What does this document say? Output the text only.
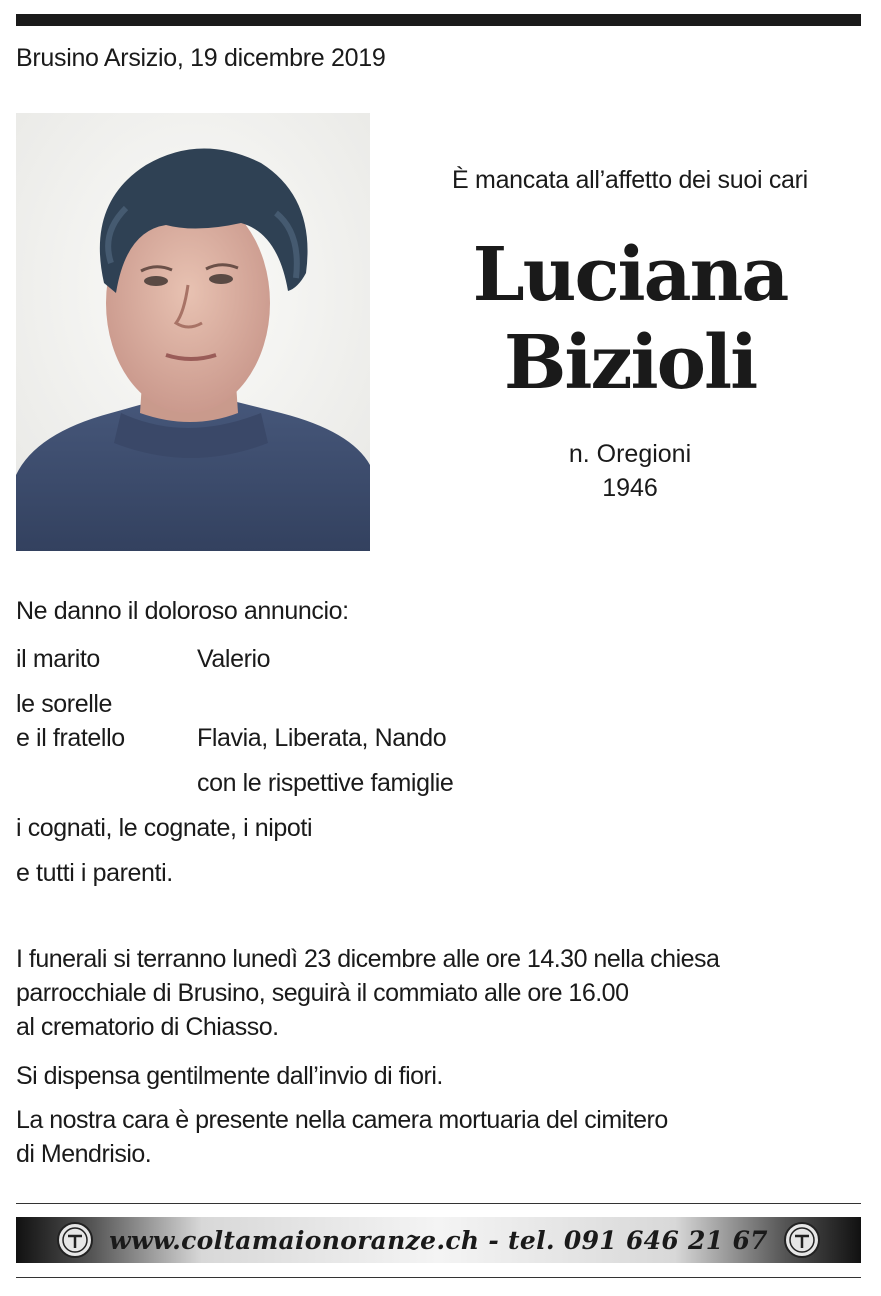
Brusino Arsizio, 19 dicembre 2019
È mancata all’affetto dei suoi cari
Luciana
Bizioli
n. Oregioni
1946
Ne danno il doloroso annuncio:
il marito	Valerio
le sorelle
e il fratello	Flavia, Liberata, Nando
con le rispettive famiglie
i cognati, le cognate, i nipoti
e tutti i parenti.
I funerali si terranno lunedì 23 dicembre alle ore 14.30 nella chiesa
parrocchiale di Brusino, seguirà il commiato alle ore 16.00
al crematorio di Chiasso.
Si dispensa gentilmente dall’invio di fiori.
La nostra cara è presente nella camera mortuaria del cimitero
di Mendrisio.
www.coltamaionoranze.ch - tel. 091 646 21 67
